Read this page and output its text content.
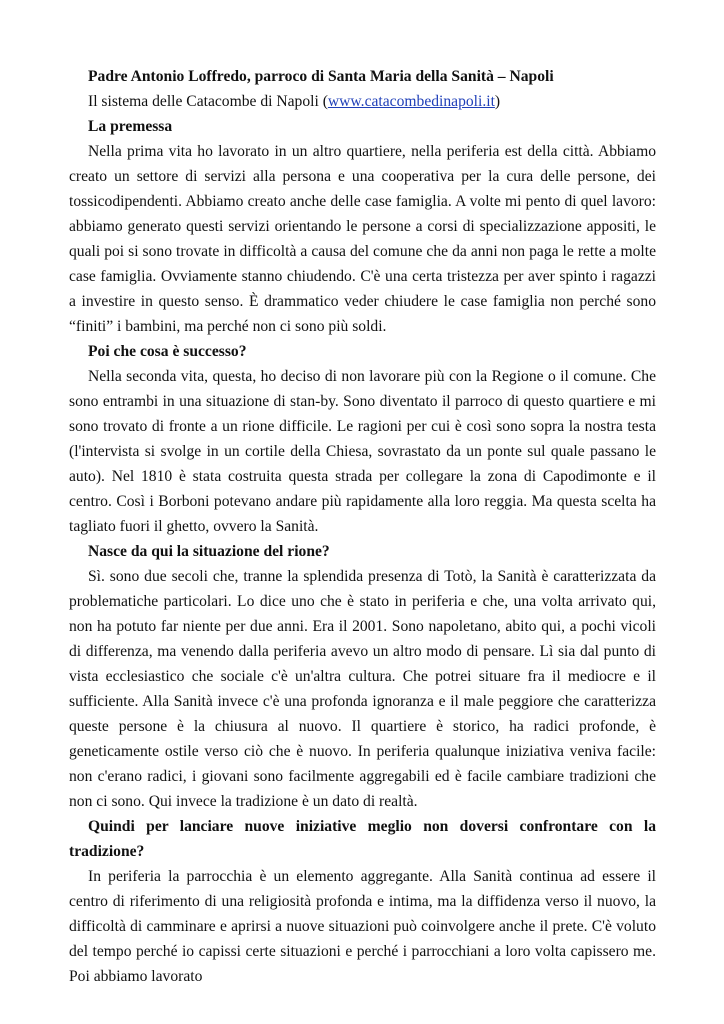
Padre Antonio Loffredo, parroco di Santa Maria della Sanità – Napoli

Il sistema delle Catacombe di Napoli (www.catacombedinapoli.it)

La premessa

Nella prima vita ho lavorato in un altro quartiere, nella periferia est della città. Abbiamo creato un settore di servizi alla persona e una cooperativa per la cura delle persone, dei tossicodipendenti. Abbiamo creato anche delle case famiglia. A volte mi pento di quel lavoro: abbiamo generato questi servizi orientando le persone a corsi di specializzazione appositi, le quali poi si sono trovate in difficoltà a causa del comune che da anni non paga le rette a molte case famiglia. Ovviamente stanno chiudendo. C'è una certa tristezza per aver spinto i ragazzi a investire in questo senso. È drammatico veder chiudere le case famiglia non perché sono “finiti” i bambini, ma perché non ci sono più soldi.

Poi che cosa è successo?

Nella seconda vita, questa, ho deciso di non lavorare più con la Regione o il comune. Che sono entrambi in una situazione di stan-by. Sono diventato il parroco di questo quartiere e mi sono trovato di fronte a un rione difficile. Le ragioni per cui è così sono sopra la nostra testa (l'intervista si svolge in un cortile della Chiesa, sovrastato da un ponte sul quale passano le auto). Nel 1810 è stata costruita questa strada per collegare la zona di Capodimonte e il centro. Così i Borboni potevano andare più rapidamente alla loro reggia. Ma questa scelta ha tagliato fuori il ghetto, ovvero la Sanità.

Nasce da qui la situazione del rione?

Sì. sono due secoli che, tranne la splendida presenza di Totò, la Sanità è caratterizzata da problematiche particolari. Lo dice uno che è stato in periferia e che, una volta arrivato qui, non ha potuto far niente per due anni. Era il 2001. Sono napoletano, abito qui, a pochi vicoli di differenza, ma venendo dalla periferia avevo un altro modo di pensare. Lì sia dal punto di vista ecclesiastico che sociale c'è un'altra cultura. Che potrei situare fra il mediocre e il sufficiente. Alla Sanità invece c'è una profonda ignoranza e il male peggiore che caratterizza queste persone è la chiusura al nuovo. Il quartiere è storico, ha radici profonde, è geneticamente ostile verso ciò che è nuovo. In periferia qualunque iniziativa veniva facile: non c'erano radici, i giovani sono facilmente aggregabili ed è facile cambiare tradizioni che non ci sono. Qui invece la tradizione è un dato di realtà.

Quindi per lanciare nuove iniziative meglio non doversi confrontare con la tradizione?

In periferia la parrocchia è un elemento aggregante. Alla Sanità continua ad essere il centro di riferimento di una religiosità profonda e intima, ma la diffidenza verso il nuovo, la difficoltà di camminare e aprirsi a nuove situazioni può coinvolgere anche il prete. C'è voluto del tempo perché io capissi certe situazioni e perché i parrocchiani a loro volta capissero me. Poi abbiamo lavorato
